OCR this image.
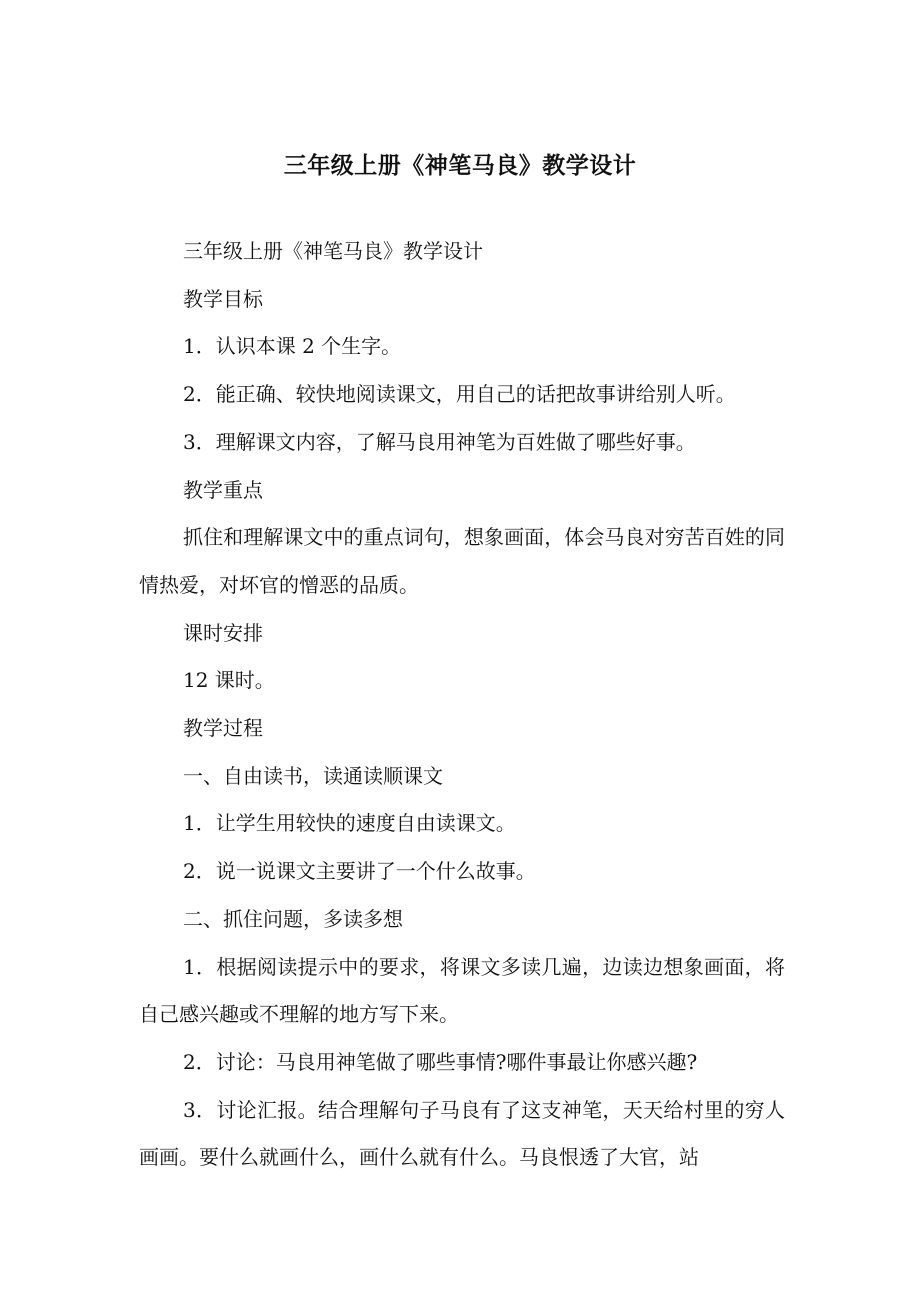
三年级上册《神笔马良》教学设计

三年级上册《神笔马良》教学设计

教学目标

1．认识本课 2 个生字。

2．能正确、较快地阅读课文，用自己的话把故事讲给别人听。

3．理解课文内容，了解马良用神笔为百姓做了哪些好事。

教学重点

抓住和理解课文中的重点词句，想象画面，体会马良对穷苦百姓的同情热爱，对坏官的憎恶的品质。

课时安排

12 课时。

教学过程

一、自由读书，读通读顺课文

1．让学生用较快的速度自由读课文。

2．说一说课文主要讲了一个什么故事。

二、抓住问题，多读多想

1．根据阅读提示中的要求，将课文多读几遍，边读边想象画面，将自己感兴趣或不理解的地方写下来。

2．讨论：马良用神笔做了哪些事情?哪件事最让你感兴趣?

3．讨论汇报。结合理解句子马良有了这支神笔，天天给村里的穷人画画。要什么就画什么，画什么就有什么。马良恨透了大官，站
